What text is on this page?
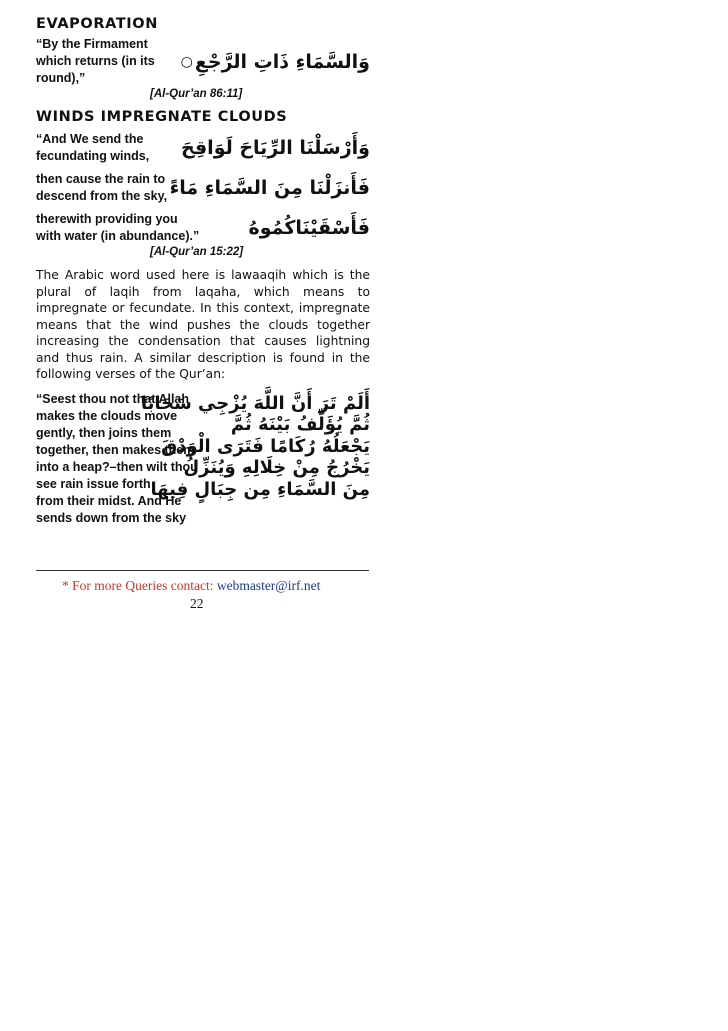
EVAPORATION
“By the Firmament
which returns (in its round),”
○ وَالسَّمَاءِ ذَاتِ الرَّجْعِ
[Al-Qur’an 86:11]
WINDS IMPREGNATE CLOUDS
“And We send the
fecundating winds, وَأَرْسَلْنَا الرِّيَاحَ لَوَاقِحَ
then cause the rain to
descend from the sky, فَأَنزَلْنَا مِنَ السَّمَاءِ مَاءً
therewith providing you
with water (in abundance).”	فَأَسْقَيْنَاكُمُوهُ
[Al-Qur’an 15:22]

The Arabic word used here is lawaaqih which is the plural of laqih from laqaha, which means to impregnate or fecundate. In this context, impregnate means that the wind pushes the clouds together increasing the condensation that causes lightning and thus rain. A similar description is found in the following verses of the Qur’an:

“Seest thou not that Allah
makes the clouds move
gently, then joins them
together, then makes them
into a heap?–then wilt thou
see rain issue forth
from their midst. And He
sends down from the sky
أَلَمْ تَرَ أَنَّ اللَّهَ يُزْجِي سَحَابًا
ثُمَّ يُؤَلِّفُ بَيْنَهُ ثُمَّ
يَجْعَلُهُ رُكَامًا فَتَرَى الْوَدْقَ
يَخْرُجُ مِنْ خِلَالِهِ وَيُنَزِّلُ
مِنَ السَّمَاءِ مِن جِبَالٍ فِيهَا
* For more Queries contact: webmaster@irf.net
22
